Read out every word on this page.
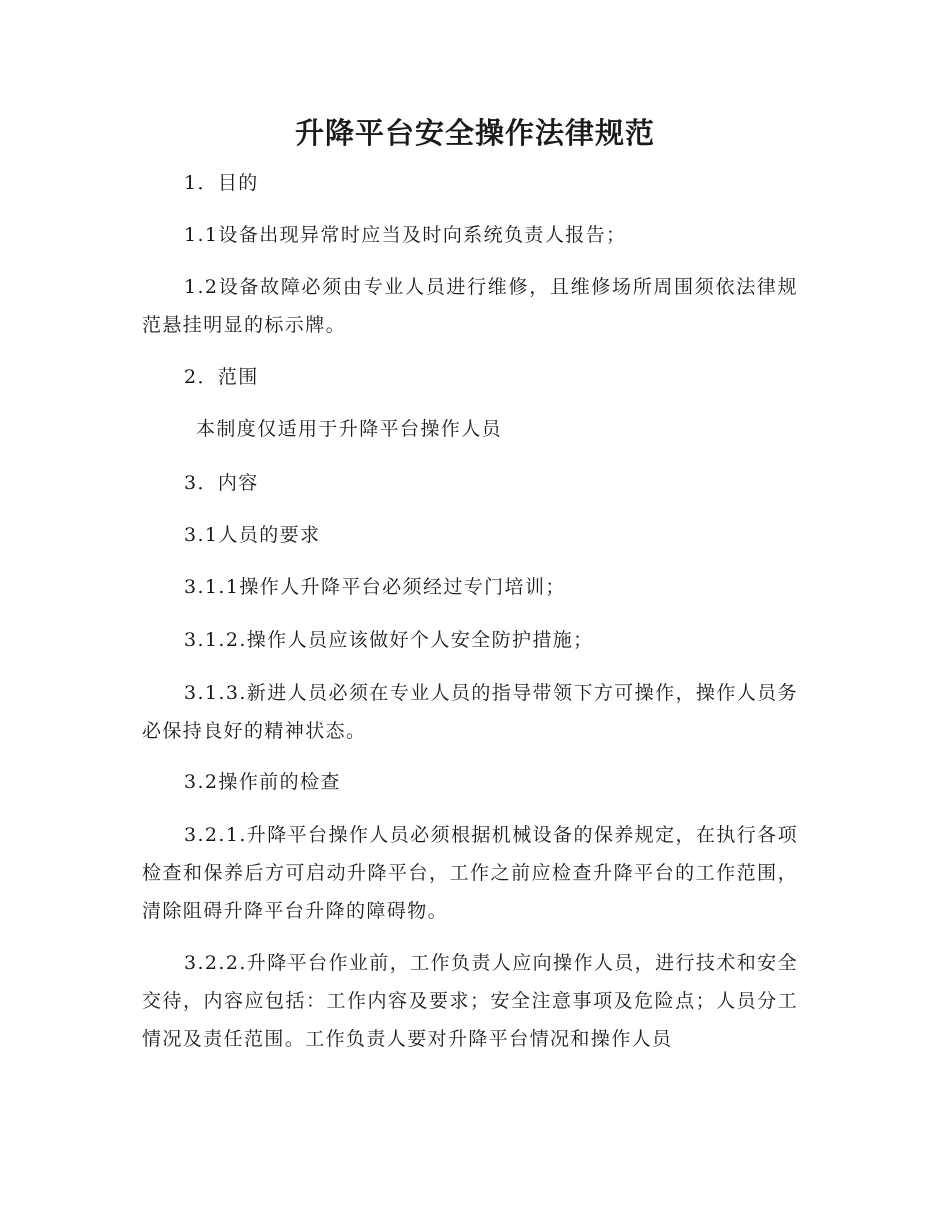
升降平台安全操作法律规范

1．目的

1.1设备出现异常时应当及时向系统负责人报告；

1.2设备故障必须由专业人员进行维修，且维修场所周围须依法律规范悬挂明显的标示牌。

2．范围

本制度仅适用于升降平台操作人员

3．内容

3.1人员的要求

3.1.1操作人升降平台必须经过专门培训；

3.1.2.操作人员应该做好个人安全防护措施；

3.1.3.新进人员必须在专业人员的指导带领下方可操作，操作人员务必保持良好的精神状态。

3.2操作前的检查

3.2.1.升降平台操作人员必须根据机械设备的保养规定，在执行各项检查和保养后方可启动升降平台，工作之前应检查升降平台的工作范围，清除阻碍升降平台升降的障碍物。

3.2.2.升降平台作业前，工作负责人应向操作人员，进行技术和安全交待，内容应包括：工作内容及要求；安全注意事项及危险点；人员分工情况及责任范围。工作负责人要对升降平台情况和操作人员
